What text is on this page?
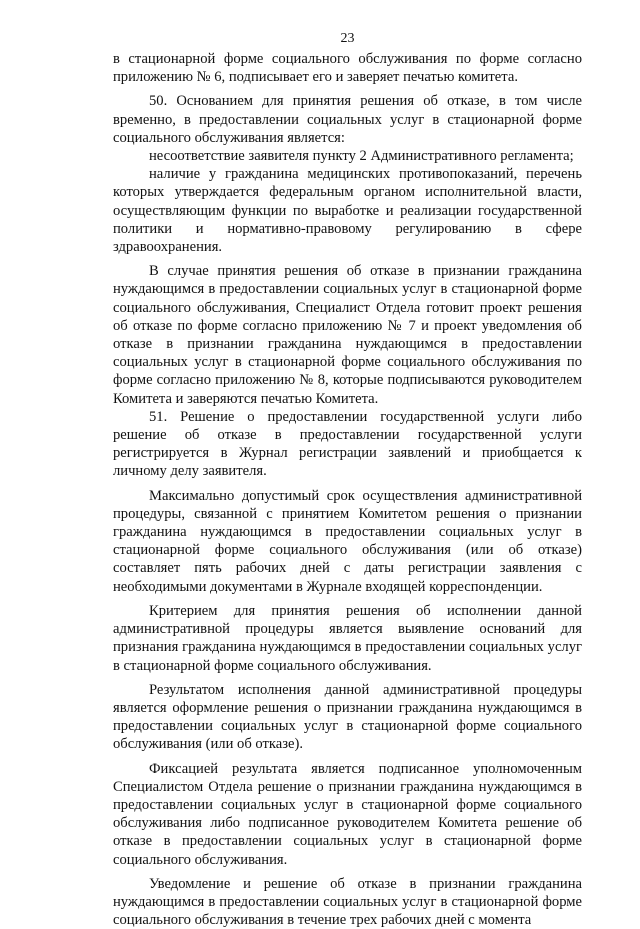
23

в стационарной форме социального обслуживания по форме согласно приложению № 6, подписывает его и заверяет печатью комитета.

50. Основанием для принятия решения об отказе, в том числе временно, в предоставлении социальных услуг в стационарной форме социального обслуживания является:

несоответствие заявителя пункту 2 Административного регламента;

наличие у гражданина медицинских противопоказаний, перечень которых утверждается федеральным органом исполнительной власти, осуществляющим функции по выработке и реализации государственной политики и нормативно-правовому регулированию в сфере здравоохранения.

В случае принятия решения об отказе в признании гражданина нуждающимся в предоставлении социальных услуг в стационарной форме социального обслуживания, Специалист Отдела готовит проект решения об отказе по форме согласно приложению № 7 и проект уведомления об отказе в признании гражданина нуждающимся в предоставлении социальных услуг в стационарной форме социального обслуживания по форме согласно приложению № 8, которые подписываются руководителем Комитета и заверяются печатью Комитета.

51. Решение о предоставлении государственной услуги либо решение об отказе в предоставлении государственной услуги регистрируется в Журнал регистрации заявлений и приобщается к личному делу заявителя.

Максимально допустимый срок осуществления административной процедуры, связанной с принятием Комитетом решения о признании гражданина нуждающимся в предоставлении социальных услуг в стационарной форме социального обслуживания (или об отказе) составляет пять рабочих дней с даты регистрации заявления с необходимыми документами в Журнале входящей корреспонденции.

Критерием для принятия решения об исполнении данной административной процедуры является выявление оснований для признания гражданина нуждающимся в предоставлении социальных услуг в стационарной форме социального обслуживания.

Результатом исполнения данной административной процедуры является оформление решения о признании гражданина нуждающимся в предоставлении социальных услуг в стационарной форме социального обслуживания (или об отказе).

Фиксацией результата является подписанное уполномоченным Специалистом Отдела решение о признании гражданина нуждающимся в предоставлении социальных услуг в стационарной форме социального обслуживания либо подписанное руководителем Комитета решение об отказе в предоставлении социальных услуг в стационарной форме социального обслуживания.

Уведомление и решение об отказе в признании гражданина нуждающимся в предоставлении социальных услуг в стационарной форме социального обслуживания в течение трех рабочих дней с момента
